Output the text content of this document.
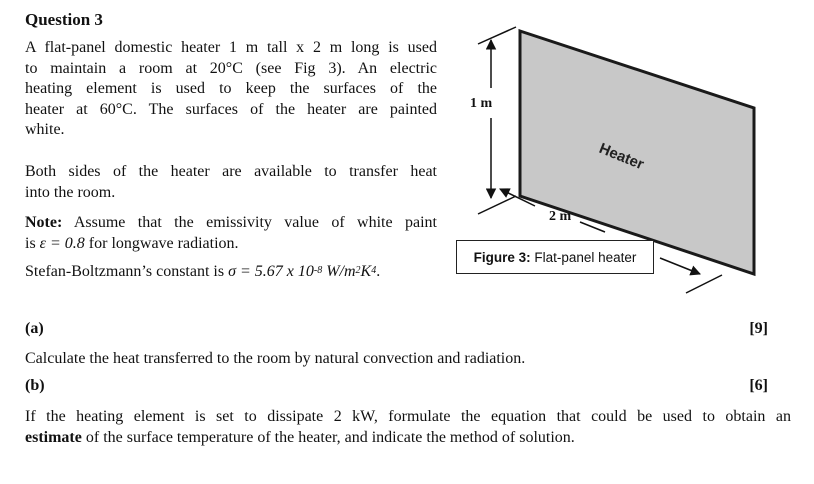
Question 3
A flat-panel domestic heater 1 m tall x 2 m long is used
to maintain a room at 20°C (see Fig 3). An electric
heating element is used to keep the surfaces of the
heater at 60°C. The surfaces of the heater are painted
white.
Both sides of the heater are available to transfer heat
into the room.
Note: Assume that the emissivity value of white paint
is ε = 0.8 for longwave radiation.
Stefan-Boltzmann’s constant is σ = 5.67 x $10^{-8}$ $W/m^2K^4$.
Heater
1 m
2 m
Figure 3: Flat-panel heater
(a)	[9]
Calculate the heat transferred to the room by natural convection and radiation.
(b)	[6]
If the heating element is set to dissipate 2 kW, formulate the equation that could be used to obtain an
estimate of the surface temperature of the heater, and indicate the method of solution.
